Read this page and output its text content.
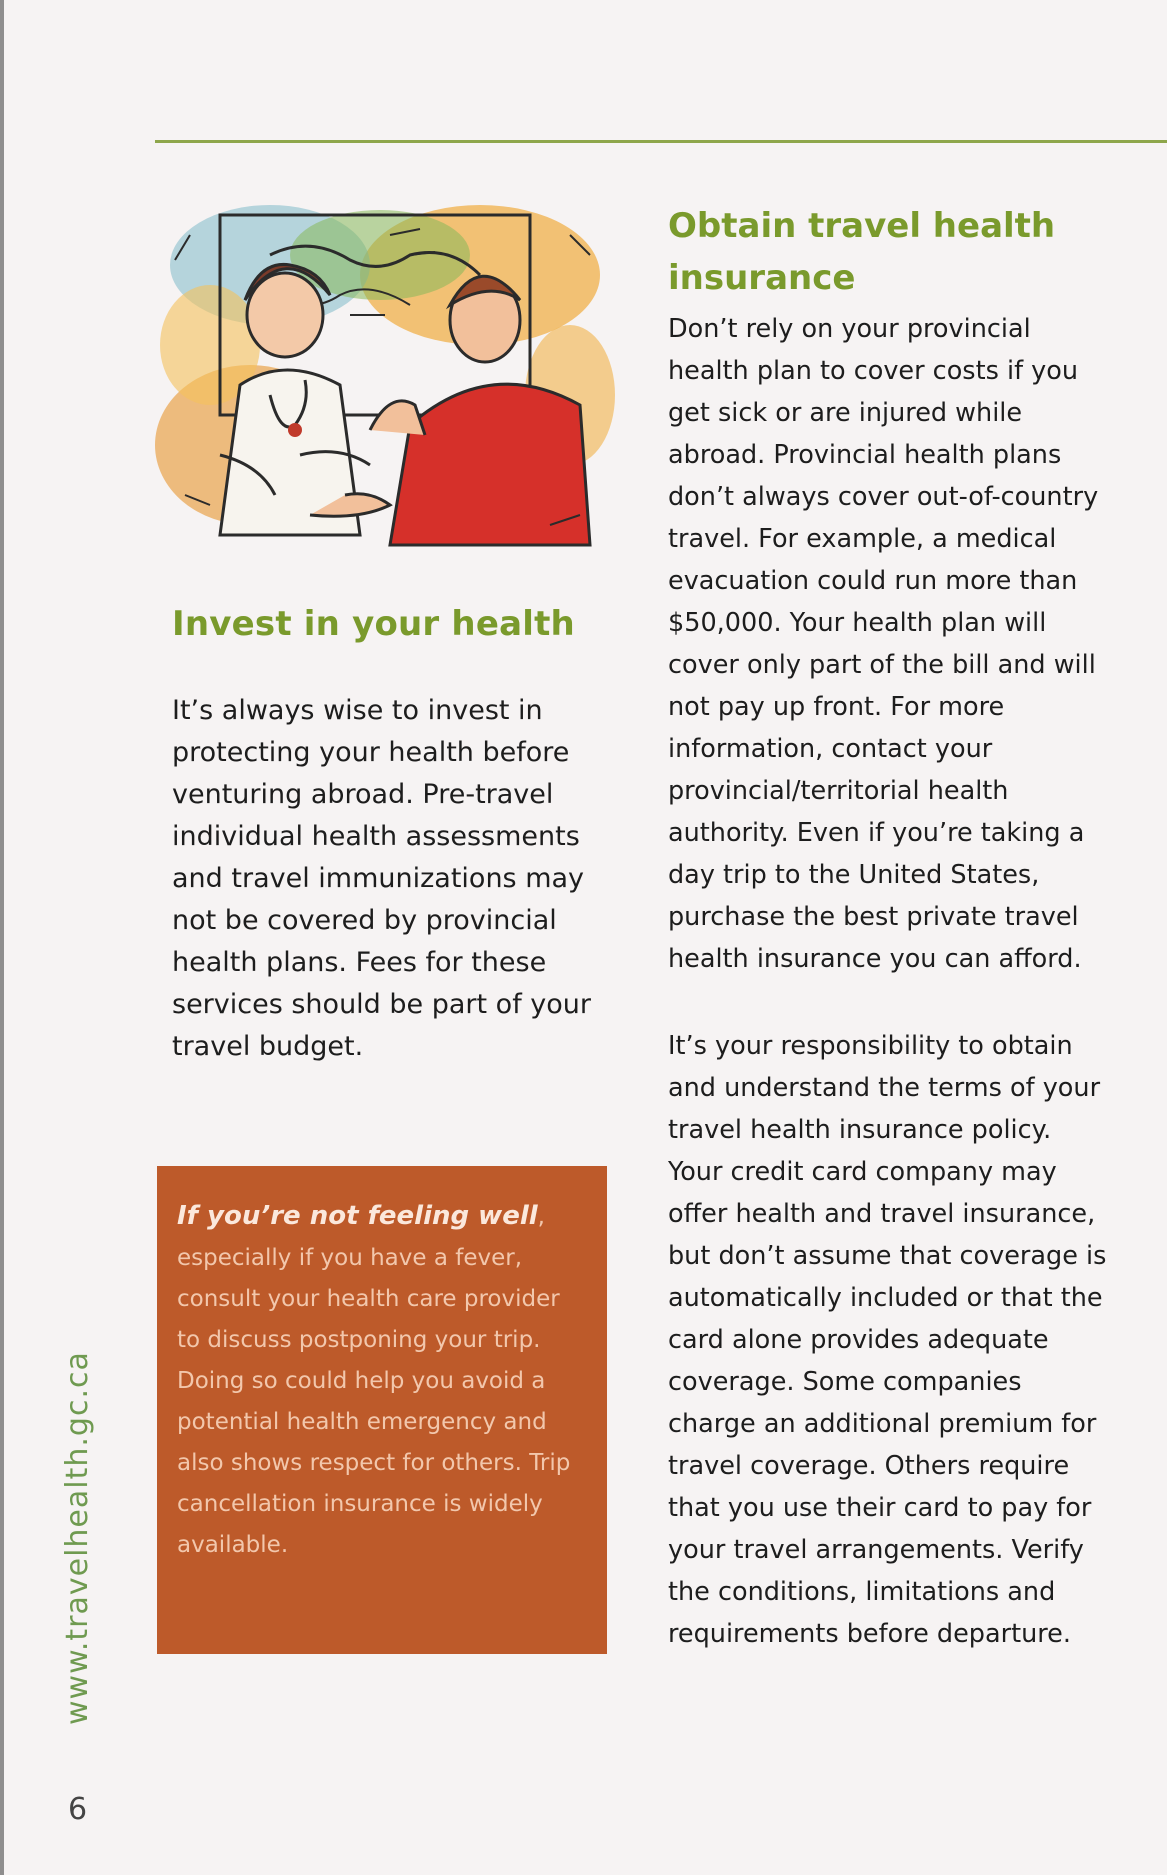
Invest in your health

It’s always wise to invest in protecting your health before venturing abroad. Pre-travel individual health assessments and travel immunizations may not be covered by provincial health plans. Fees for these services should be part of your travel budget.

If you’re not feeling well, especially if you have a fever, consult your health care provider to discuss postponing your trip. Doing so could help you avoid a potential health emergency and also shows respect for others. Trip cancellation insurance is widely available.

Obtain travel health insurance

Don’t rely on your provincial health plan to cover costs if you get sick or are injured while abroad. Provincial health plans don’t always cover out-of-country travel. For example, a medical evacuation could run more than $50,000. Your health plan will cover only part of the bill and will not pay up front. For more information, contact your provincial/territorial health authority. Even if you’re taking a day trip to the United States, purchase the best private travel health insurance you can afford.

It’s your responsibility to obtain and understand the terms of your travel health insurance policy. Your credit card company may offer health and travel insurance, but don’t assume that coverage is automatically included or that the card alone provides adequate coverage. Some companies charge an additional premium for travel coverage. Others require that you use their card to pay for your travel arrangements. Verify the conditions, limitations and requirements before departure.

www.travelhealth.gc.ca
6
